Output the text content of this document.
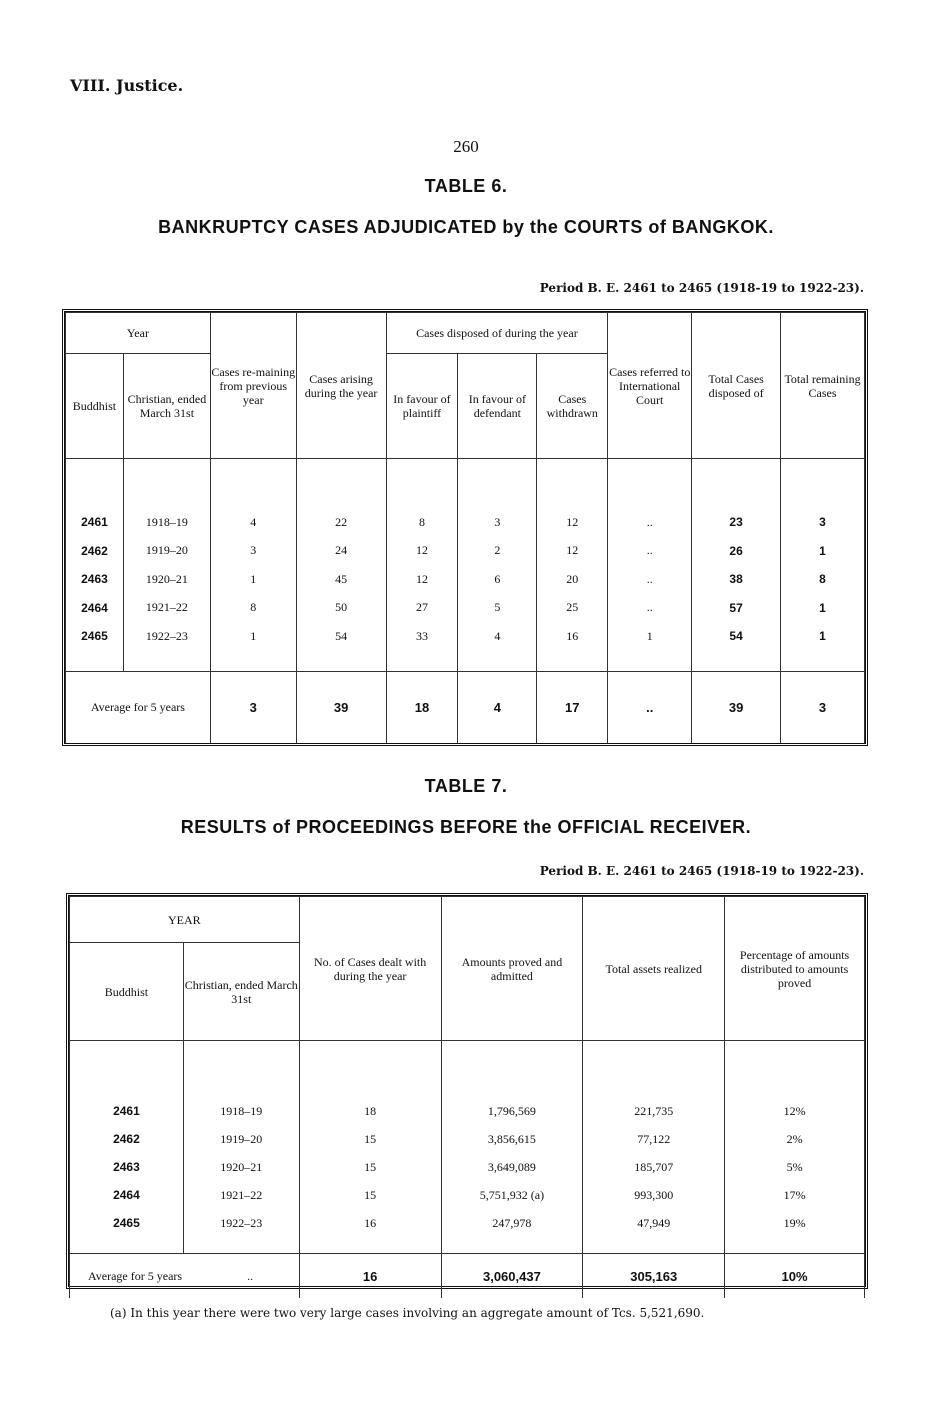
VIII. Justice.
260
TABLE 6.
BANKRUPTCY CASES ADJUDICATED by the COURTS of BANGKOK.
Period B. E. 2461 to 2465 (1918-19 to 1922-23).
Year		Cases re-maining from previous year	Cases arising during the year	Cases disposed of during the year			Cases referred to International Court	Total Cases disposed of	Total remaining Cases
Buddhist	Christian, ended March 31st			In favour of plaintiff	In favour of defendant	Cases withdrawn			

2461	1918–19	4	22	8	3	12	..	23	3
2462	1919–20	3	24	12	2	12	..	26	1
2463	1920–21	1	45	12	6	20	..	38	8
2464	1921–22	8	50	27	5	25	..	57	1
2465	1922–23	1	54	33	4	16	1	54	1

Average for 5 years		3	39	18	4	17	..	39	3
TABLE 7.
RESULTS of PROCEEDINGS BEFORE the OFFICIAL RECEIVER.
Period B. E. 2461 to 2465 (1918-19 to 1922-23).
YEAR		No. of Cases dealt with during the year	Amounts proved and admitted	Total assets realized	Percentage of amounts distributed to amounts proved
Buddhist	Christian, ended March 31st				

2461	1918–19	18	1,796,569	221,735	12%
2462	1919–20	15	3,856,615	77,122	2%
2463	1920–21	15	3,649,089	185,707	5%
2464	1921–22	15	5,751,932 (a)	993,300	17%
2465	1922–23	16	247,978	47,949	19%

Average for 5 years ..		16	3,060,437	305,163	10%
(a) In this year there were two very large cases involving an aggregate amount of Tcs. 5,521,690.
